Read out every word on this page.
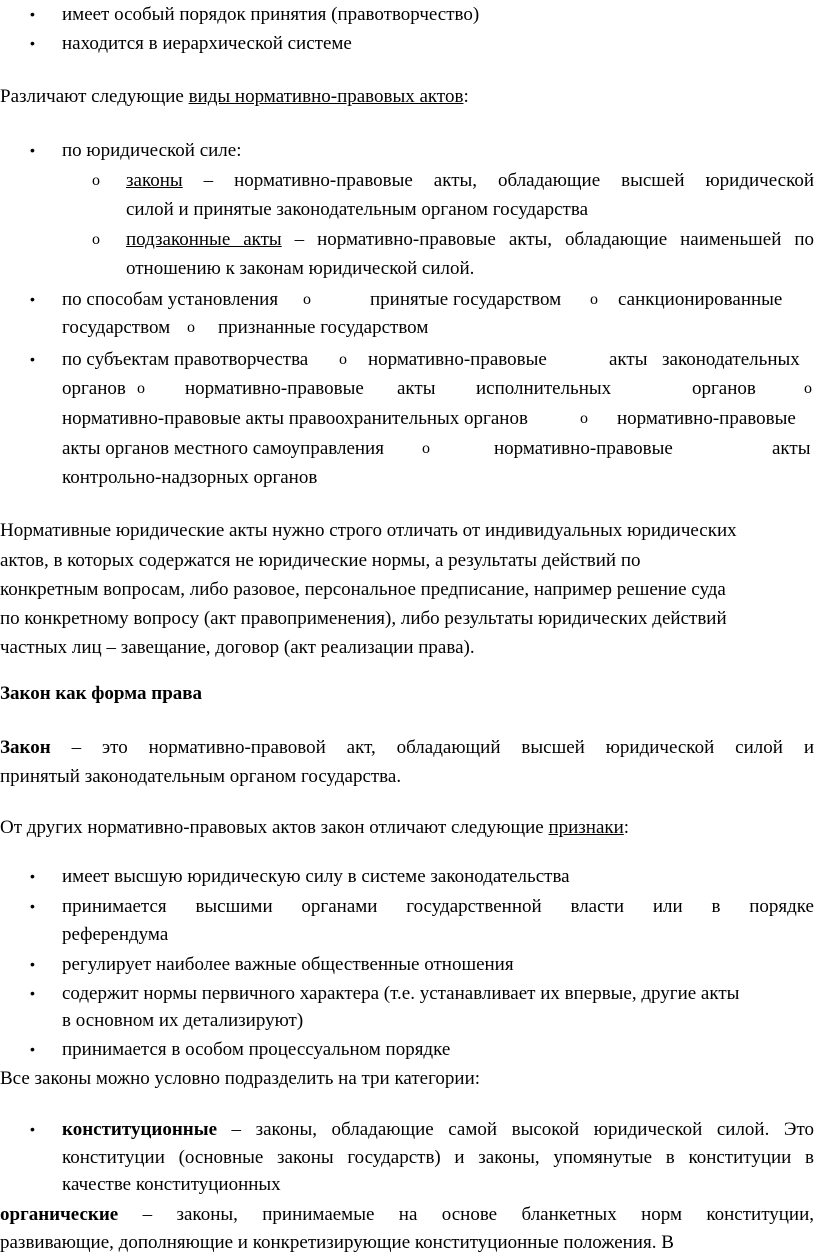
• имеет особый порядок принятия (правотворчество)
• находится в иерархической системе
Различают следующие виды нормативно-правовых актов:
• по юридической силе:
o законы – нормативно-правовые акты, обладающие высшей юридической
силой и принятые законодательным органом государства
o подзаконные акты – нормативно-правовые акты, обладающие наименьшей по
отношению к законам юридической силой.
• по способам установления o	принятые государством o санкционированные
государством o признанные государством
• по субъектам правотворчества o нормативно-правовые	акты законодательных
органов o нормативно-правовые акты исполнительных	органов	o
нормативно-правовые акты правоохранительных органов	o нормативно-правовые
акты органов местного самоуправления o	нормативно-правовые	акты
контрольно-надзорных органов
Нормативные юридические акты нужно строго отличать от индивидуальных юридических
актов, в которых содержатся не юридические нормы, а результаты действий по
конкретным вопросам, либо разовое, персональное предписание, например решение суда
по конкретному вопросу (акт правоприменения), либо результаты юридических действий
частных лиц – завещание, договор (акт реализации права).
Закон как форма права
Закон – это нормативно-правовой акт, обладающий высшей юридической силой и
принятый законодательным органом государства.
От других нормативно-правовых актов закон отличают следующие признаки:
• имеет высшую юридическую силу в системе законодательства
• принимается высшими органами государственной власти или в порядке
референдума
• регулирует наиболее важные общественные отношения
• содержит нормы первичного характера (т.е. устанавливает их впервые, другие акты
в основном их детализируют)
• принимается в особом процессуальном порядке
Все законы можно условно подразделить на три категории:
• конституционные – законы, обладающие самой высокой юридической силой. Это
конституции (основные законы государств) и законы, упомянутые в конституции в
качестве конституционных
органические – законы, принимаемые на основе бланкетных норм конституции,
развивающие, дополняющие и конкретизирующие конституционные положения. В
